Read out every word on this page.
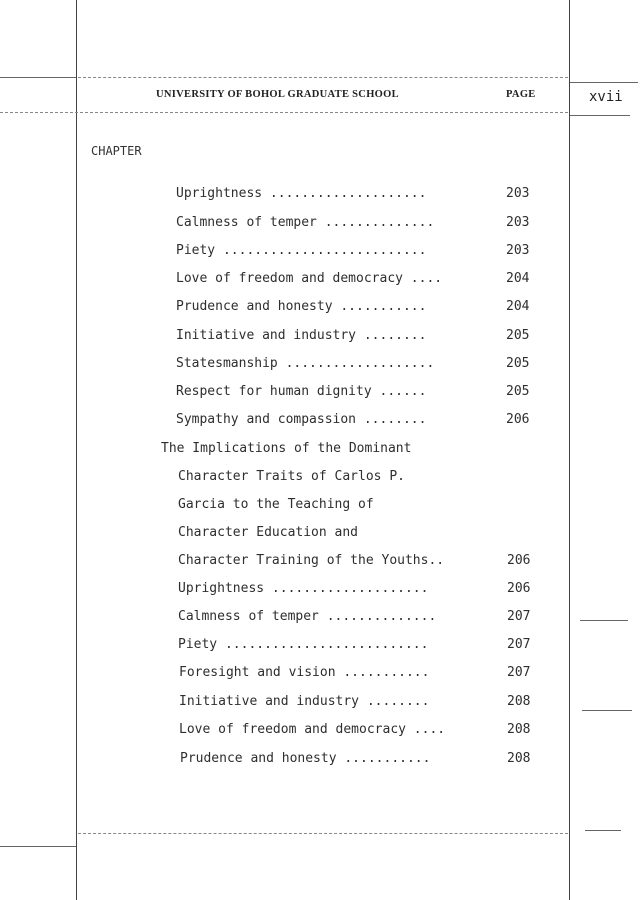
UNIVERSITY OF BOHOL GRADUATE SCHOOL	PAGE	xvii
CHAPTER
Uprightness ....................	203
Calmness of temper ..............	203
Piety ..........................	203
Love of freedom and democracy ....	204
Prudence and honesty ...........	204
Initiative and industry ........	205
Statesmanship ...................	205
Respect for human dignity ......	205
Sympathy and compassion ........	206
The Implications of the Dominant
Character Traits of Carlos P.
Garcia to the Teaching of
Character Education and
Character Training of the Youths..	206
Uprightness ....................	206
Calmness of temper ..............	207
Piety ..........................	207
Foresight and vision ...........	207
Initiative and industry ........	208
Love of freedom and democracy ....	208
Prudence and honesty ...........	208
